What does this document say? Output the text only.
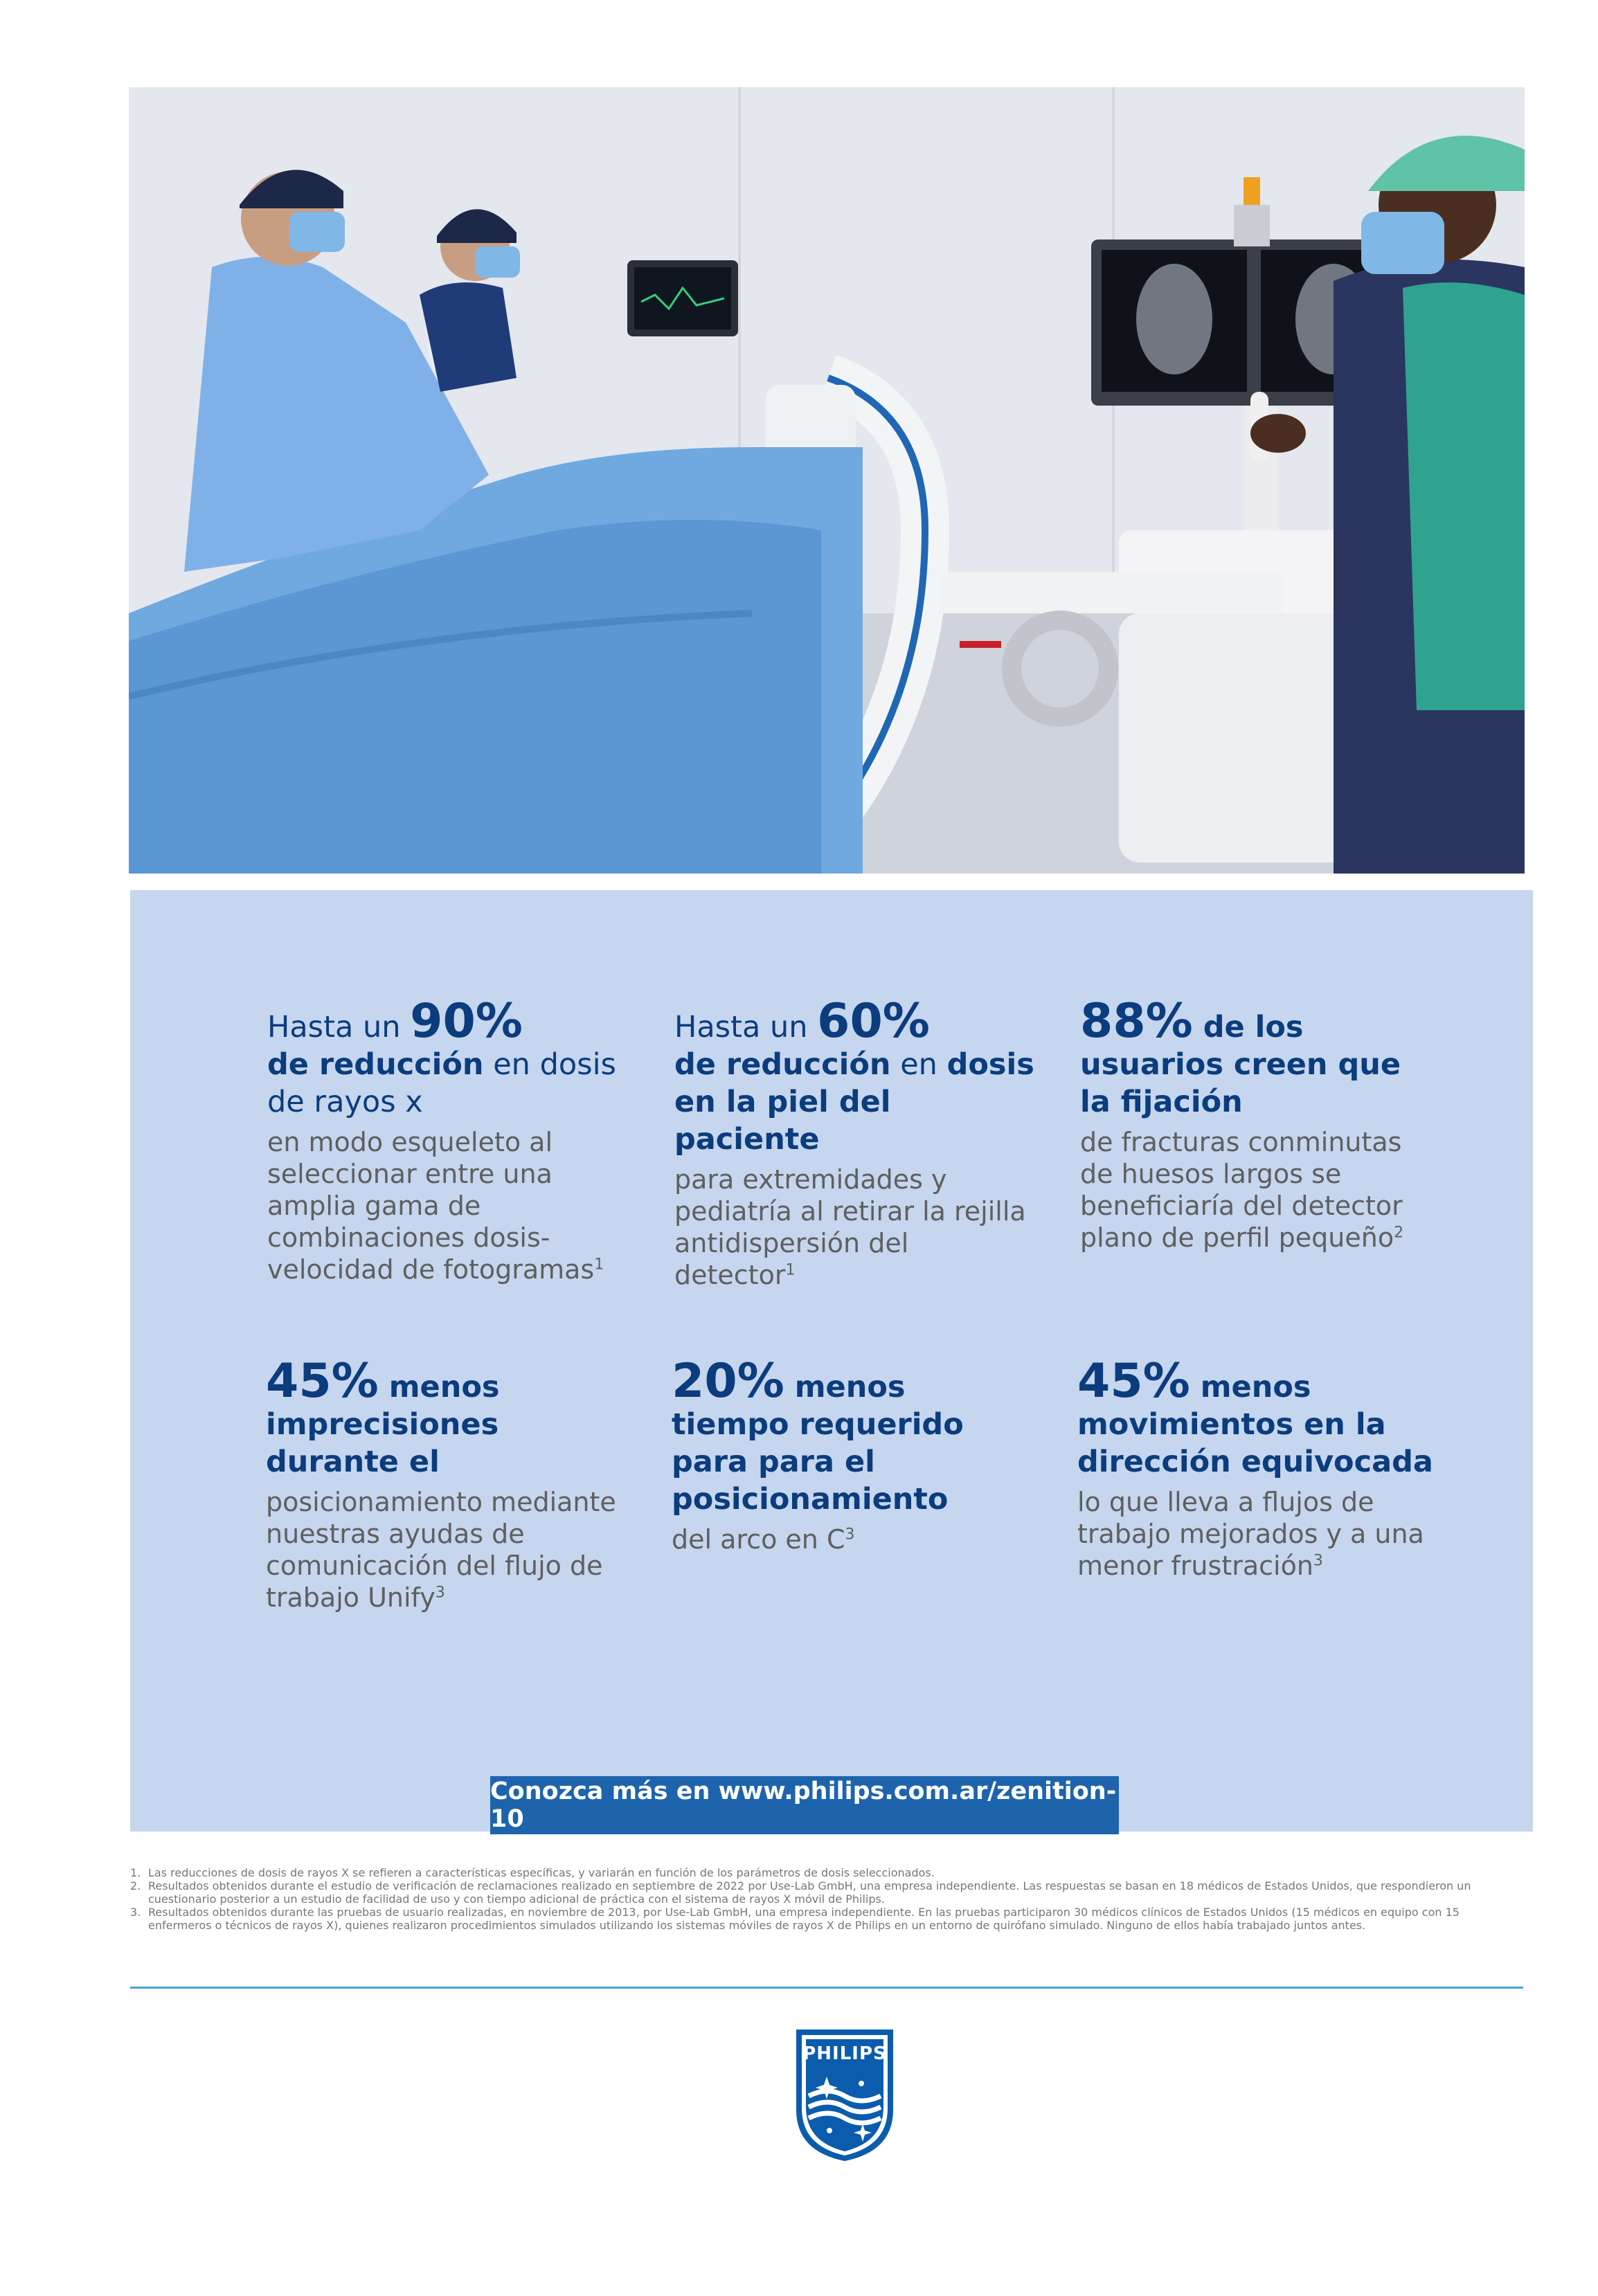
Hasta un 90%
de reducción en dosis de rayos x
en modo esqueleto al seleccionar entre una amplia gama de combinaciones dosis-velocidad de fotogramas$^1$
Hasta un 60%
de reducción en dosis en la piel del paciente
para extremidades y pediatría al retirar la rejilla antidispersión del detector$^1$
88% de los usuarios creen que la fijación
de fracturas conminutas de huesos largos se beneficiaría del detector plano de perfil pequeño$^2$
45% menos imprecisiones durante el
posicionamiento mediante nuestras ayudas de comunicación del flujo de trabajo Unify$^3$
20% menos tiempo requerido para para el posicionamiento
del arco en $C^3$
45% menos movimientos en la dirección equivocada
lo que lleva a flujos de trabajo mejorados y a una menor frustración$^3$
Conozca más en www.philips.com.ar/zenition-10
1. Las reducciones de dosis de rayos X se refieren a características específicas, y variarán en función de los parámetros de dosis seleccionados.
2. Resultados obtenidos durante el estudio de verificación de reclamaciones realizado en septiembre de 2022 por Use-Lab GmbH, una empresa independiente. Las respuestas se basan en 18 médicos de Estados Unidos, que respondieron un cuestionario posterior a un estudio de facilidad de uso y con tiempo adicional de práctica con el sistema de rayos X móvil de Philips.
3. Resultados obtenidos durante las pruebas de usuario realizadas, en noviembre de 2013, por Use-Lab GmbH, una empresa independiente. En las pruebas participaron 30 médicos clínicos de Estados Unidos (15 médicos en equipo con 15 enfermeros o técnicos de rayos X), quienes realizaron procedimientos simulados utilizando los sistemas móviles de rayos X de Philips en un entorno de quirófano simulado. Ninguno de ellos había trabajado juntos antes.
PHILIPS
